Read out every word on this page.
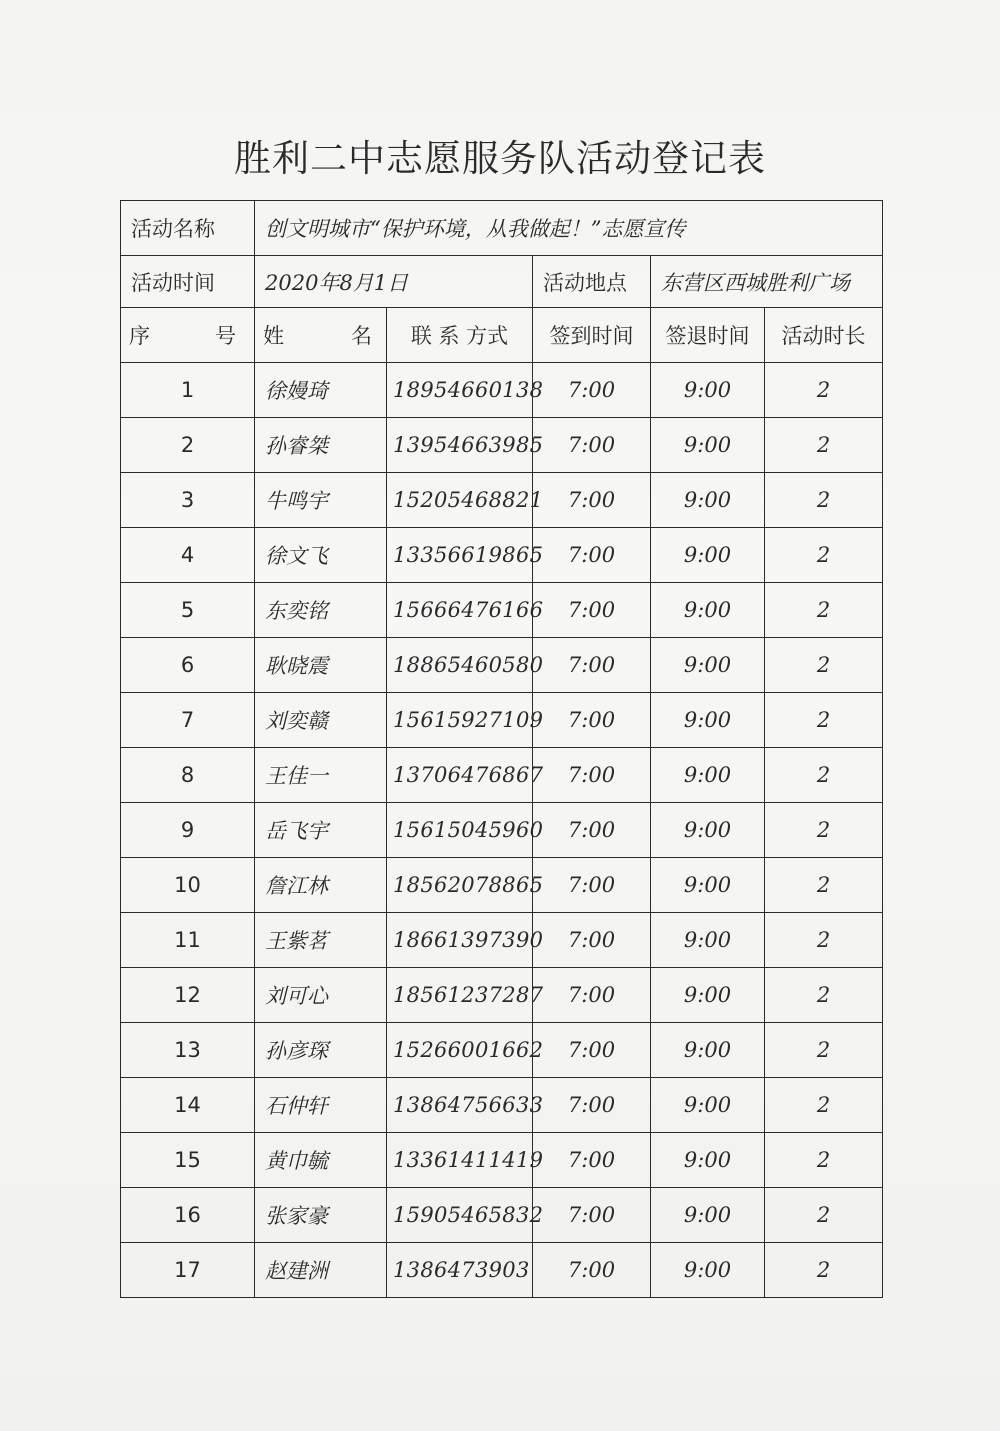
胜利二中志愿服务队活动登记表
活动名称	创文明城市“保护环境，从我做起！”志愿宣传				
活动时间	2020年8月1日		活动地点	东营区西城胜利广场	

序 号	姓 名	联 系 方式	签到时间	签退时间	活动时长
1	徐嫚琦	18954660138	7:00	9:00	2
2	孙睿桀	13954663985	7:00	9:00	2
3	牛鸣宇	15205468821	7:00	9:00	2
4	徐文飞	13356619865	7:00	9:00	2
5	东奕铭	15666476166	7:00	9:00	2
6	耿晓震	18865460580	7:00	9:00	2
7	刘奕赣	15615927109	7:00	9:00	2
8	王佳一	13706476867	7:00	9:00	2
9	岳飞宇	15615045960	7:00	9:00	2
10	詹江林	18562078865	7:00	9:00	2
11	王紫茗	18661397390	7:00	9:00	2
12	刘可心	18561237287	7:00	9:00	2
13	孙彦琛	15266001662	7:00	9:00	2
14	石仲轩	13864756633	7:00	9:00	2
15	黄巾毓	13361411419	7:00	9:00	2
16	张家豪	15905465832	7:00	9:00	2
17	赵建洲	1386473903	7:00	9:00	2
